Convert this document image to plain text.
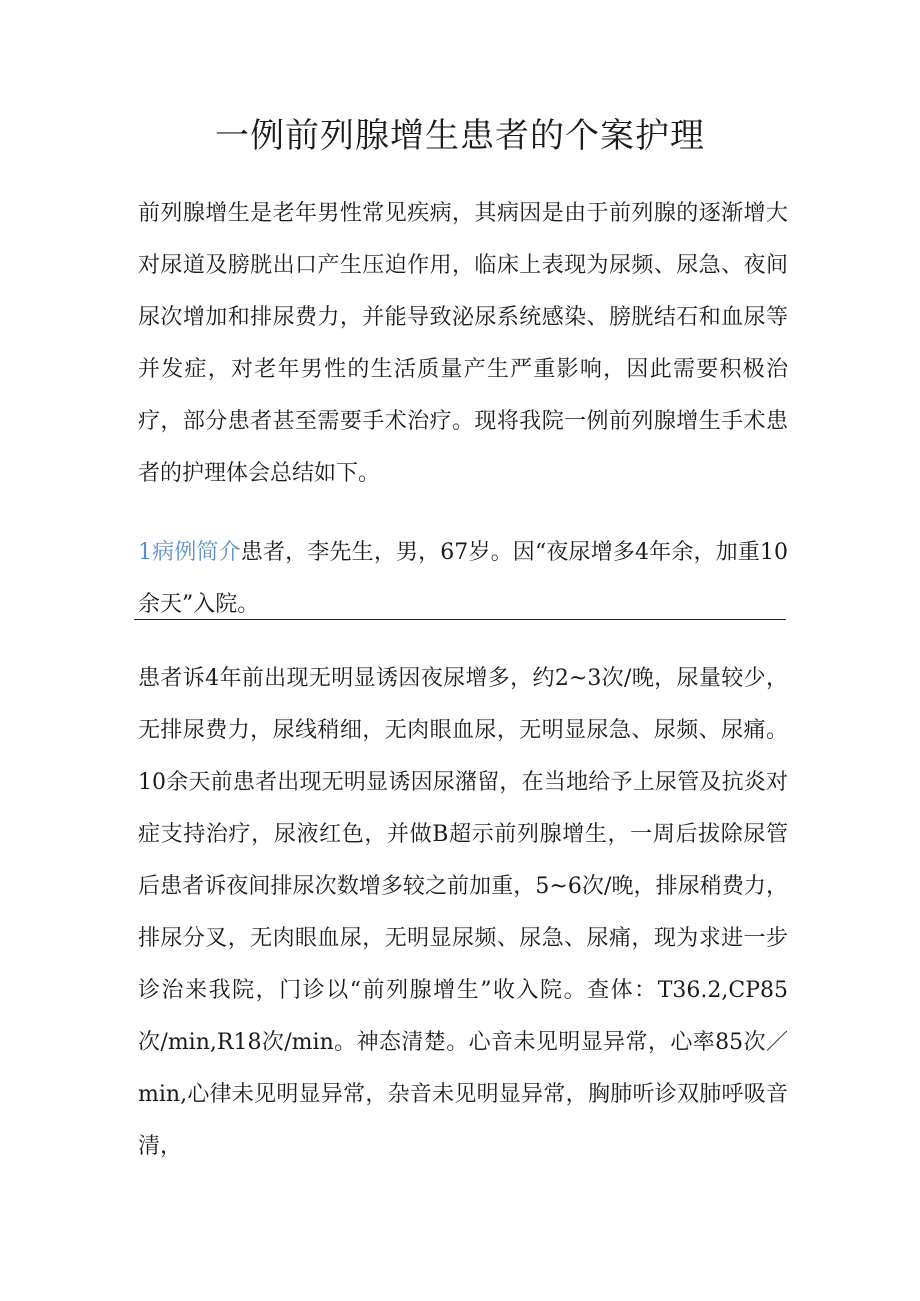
一例前列腺增生患者的个案护理

前列腺增生是老年男性常见疾病，其病因是由于前列腺的逐渐增大对尿道及膀胱出口产生压迫作用，临床上表现为尿频、尿急、夜间尿次增加和排尿费力，并能导致泌尿系统感染、膀胱结石和血尿等并发症，对老年男性的生活质量产生严重影响，因此需要积极治疗，部分患者甚至需要手术治疗。现将我院一例前列腺增生手术患者的护理体会总结如下。

1病例简介患者，李先生，男，67岁。因“夜尿增多4年余，加重10余天”入院。

患者诉4年前出现无明显诱因夜尿增多，约2~3次/晚，尿量较少，无排尿费力，尿线稍细，无肉眼血尿，无明显尿急、尿频、尿痛。10余天前患者出现无明显诱因尿潴留，在当地给予上尿管及抗炎对症支持治疗，尿液红色，并做B超示前列腺增生，一周后拔除尿管后患者诉夜间排尿次数增多较之前加重，5~6次/晚，排尿稍费力，排尿分叉，无肉眼血尿，无明显尿频、尿急、尿痛，现为求进一步诊治来我院，门诊以“前列腺增生”收入院。查体：T36.2,CP85次/min,R18次/min。神态清楚。心音未见明显异常，心率85次／min,心律未见明显异常，杂音未见明显异常，胸肺听诊双肺呼吸音清，
